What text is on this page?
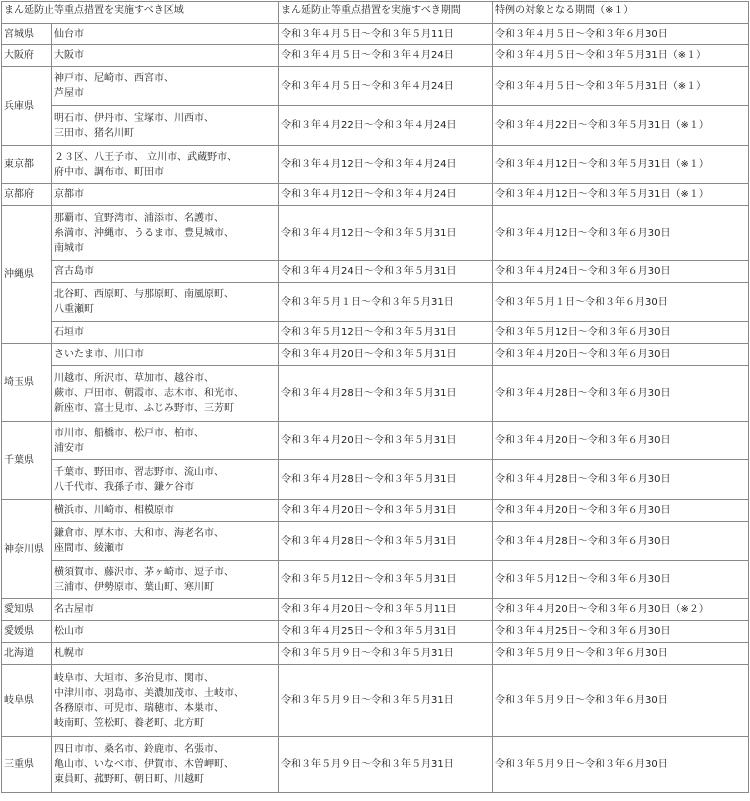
まん延防止等重点措置を実施すべき区域		まん延防止等重点措置を実施すべき期間	特例の対象となる期間（※１）
宮城県	仙台市	令和３年４月５日～令和３年５月11日	令和３年４月５日～令和３年６月30日
大阪府	大阪市	令和３年４月５日～令和３年４月24日	令和３年４月５日～令和３年５月31日（※１）
兵庫県	神戸市、尼崎市、西宮市、
芦屋市	令和３年４月５日～令和３年４月24日	令和３年４月５日～令和３年５月31日（※１）

	明石市、伊丹市、宝塚市、川西市、
三田市、猪名川町	令和３年４月22日～令和３年４月24日	令和３年４月22日～令和３年５月31日（※１）
東京都	２３区、八王子市、 立川市、武蔵野市、
府中市、調布市、町田市	令和３年４月12日～令和３年４月24日	令和３年４月12日～令和３年５月31日（※１）
京都府	京都市	令和３年４月12日～令和３年４月24日	令和３年４月12日～令和３年５月31日（※１）
沖縄県	那覇市、宜野湾市、浦添市、名護市、
糸満市、沖縄市、うるま市、豊見城市、
南城市	令和３年４月12日～令和３年５月31日	令和３年４月12日～令和３年６月30日

	宮古島市	令和３年４月24日～令和３年５月31日	令和３年４月24日～令和３年６月30日

	北谷町、西原町、与那原町、南風原町、
八重瀬町	令和３年５月１日～令和３年５月31日	令和３年５月１日～令和３年６月30日

	石垣市	令和３年５月12日～令和３年５月31日	令和３年５月12日～令和３年６月30日
埼玉県	さいたま市、川口市	令和３年４月20日～令和３年５月31日	令和３年４月20日～令和３年６月30日

	川越市、所沢市、草加市、越谷市、
蕨市、戸田市、朝霞市、志木市、和光市、
新座市、富士見市、ふじみ野市、三芳町	令和３年４月28日～令和３年５月31日	令和３年４月28日～令和３年６月30日
千葉県	市川市、船橋市、松戸市、柏市、
浦安市	令和３年４月20日～令和３年５月31日	令和３年４月20日～令和３年６月30日

	千葉市、野田市、習志野市、流山市、
八千代市、我孫子市、鎌ケ谷市	令和３年４月28日～令和３年５月31日	令和３年４月28日～令和３年６月30日
神奈川県	横浜市、川崎市、相模原市	令和３年４月20日～令和３年５月31日	令和３年４月20日～令和３年６月30日

	鎌倉市、厚木市、大和市、海老名市、
座間市、綾瀬市	令和３年４月28日～令和３年５月31日	令和３年４月28日～令和３年６月30日

	横須賀市、藤沢市、茅ヶ崎市、逗子市、
三浦市、伊勢原市、葉山町、寒川町	令和３年５月12日～令和３年５月31日	令和３年５月12日～令和３年６月30日
愛知県	名古屋市	令和３年４月20日～令和３年５月11日	令和３年４月20日～令和３年６月30日（※２）
愛媛県	松山市	令和３年４月25日～令和３年５月31日	令和３年４月25日～令和３年６月30日
北海道	札幌市	令和３年５月９日～令和３年５月31日	令和３年５月９日～令和３年６月30日
岐阜県	岐阜市、大垣市、多治見市、関市、
中津川市、羽島市、美濃加茂市、土岐市、
各務原市、可児市、瑞穂市、本巣市、
岐南町、笠松町、養老町、北方町	令和３年５月９日～令和３年５月31日	令和３年５月９日～令和３年６月30日
三重県	四日市市、桑名市、鈴鹿市、名張市、
亀山市、いなべ市、伊賀市、木曽岬町、
東員町、菰野町、朝日町、川越町	令和３年５月９日～令和３年５月31日	令和３年５月９日～令和３年６月30日
